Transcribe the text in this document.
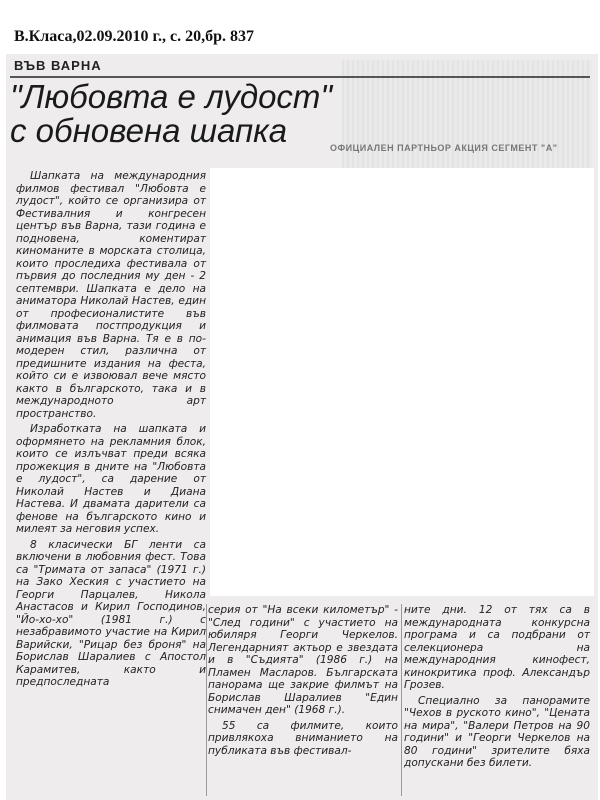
В.Класа,02.09.2010 г., с. 20,бр. 837
ОФИЦИАЛЕН ПАРТНЬОР АКЦИЯ СЕГМЕНТ "А"
ВЪВ ВАРНА
"Любовта е лудост"
с обновена шапка

Шапката на международния филмов фестивал "Любовта е лудост", който се организира от Фестивалния и конгресен център във Варна, тази година е подновена, коментират киноманите в морската столица, които проследиха фестивала от първия до последния му ден - 2 септември. Шапката е дело на аниматора Николай Настев, един от професионалистите във филмовата постпродукция и анимация във Варна. Тя е в по-модерен стил, различна от предишните издания на феста, който си е извоювал вече място както в българското, така и в международното арт пространство.

Изработката на шапката и оформянето на рекламния блок, които се излъчват преди всяка прожекция в дните на "Любовта е лудост", са дарение от Николай Настев и Диана Настева. И двамата дарители са фенове на българското кино и милеят за неговия успех.

8 класически БГ ленти са включени в любовния фест. Това са "Тримата от запаса" (1971 г.) на Зако Хеския с участието на Георги Парцалев, Никола Анастасов и Кирил Господинов, "Йо-хо-хо" (1981 г.) с незабравимото участие на Кирил Варийски, "Рицар без броня" на Борислав Шаралиев с Апостол Карамитев, както и предпоследната

серия от "На всеки километър" - "След години" с участието на юбиляря Георги Черкелов. Легендарният актьор е звездата и в "Съдията" (1986 г.) на Пламен Масларов. Българската панорама ще закрие филмът на Борислав Шаралиев "Един снимачен ден" (1968 г.).

55 са филмите, които привлякоха вниманието на публиката във фестивал-

ните дни. 12 от тях са в международната конкурсна програма и са подбрани от селекционера на международния кинофест, кинокритика проф. Александър Грозев.

Специално за панорамите "Чехов в руското кино", "Цената на мира", "Валери Петров на 90 години" и "Георги Черкелов на 80 години" зрителите бяха допускани без билети.
